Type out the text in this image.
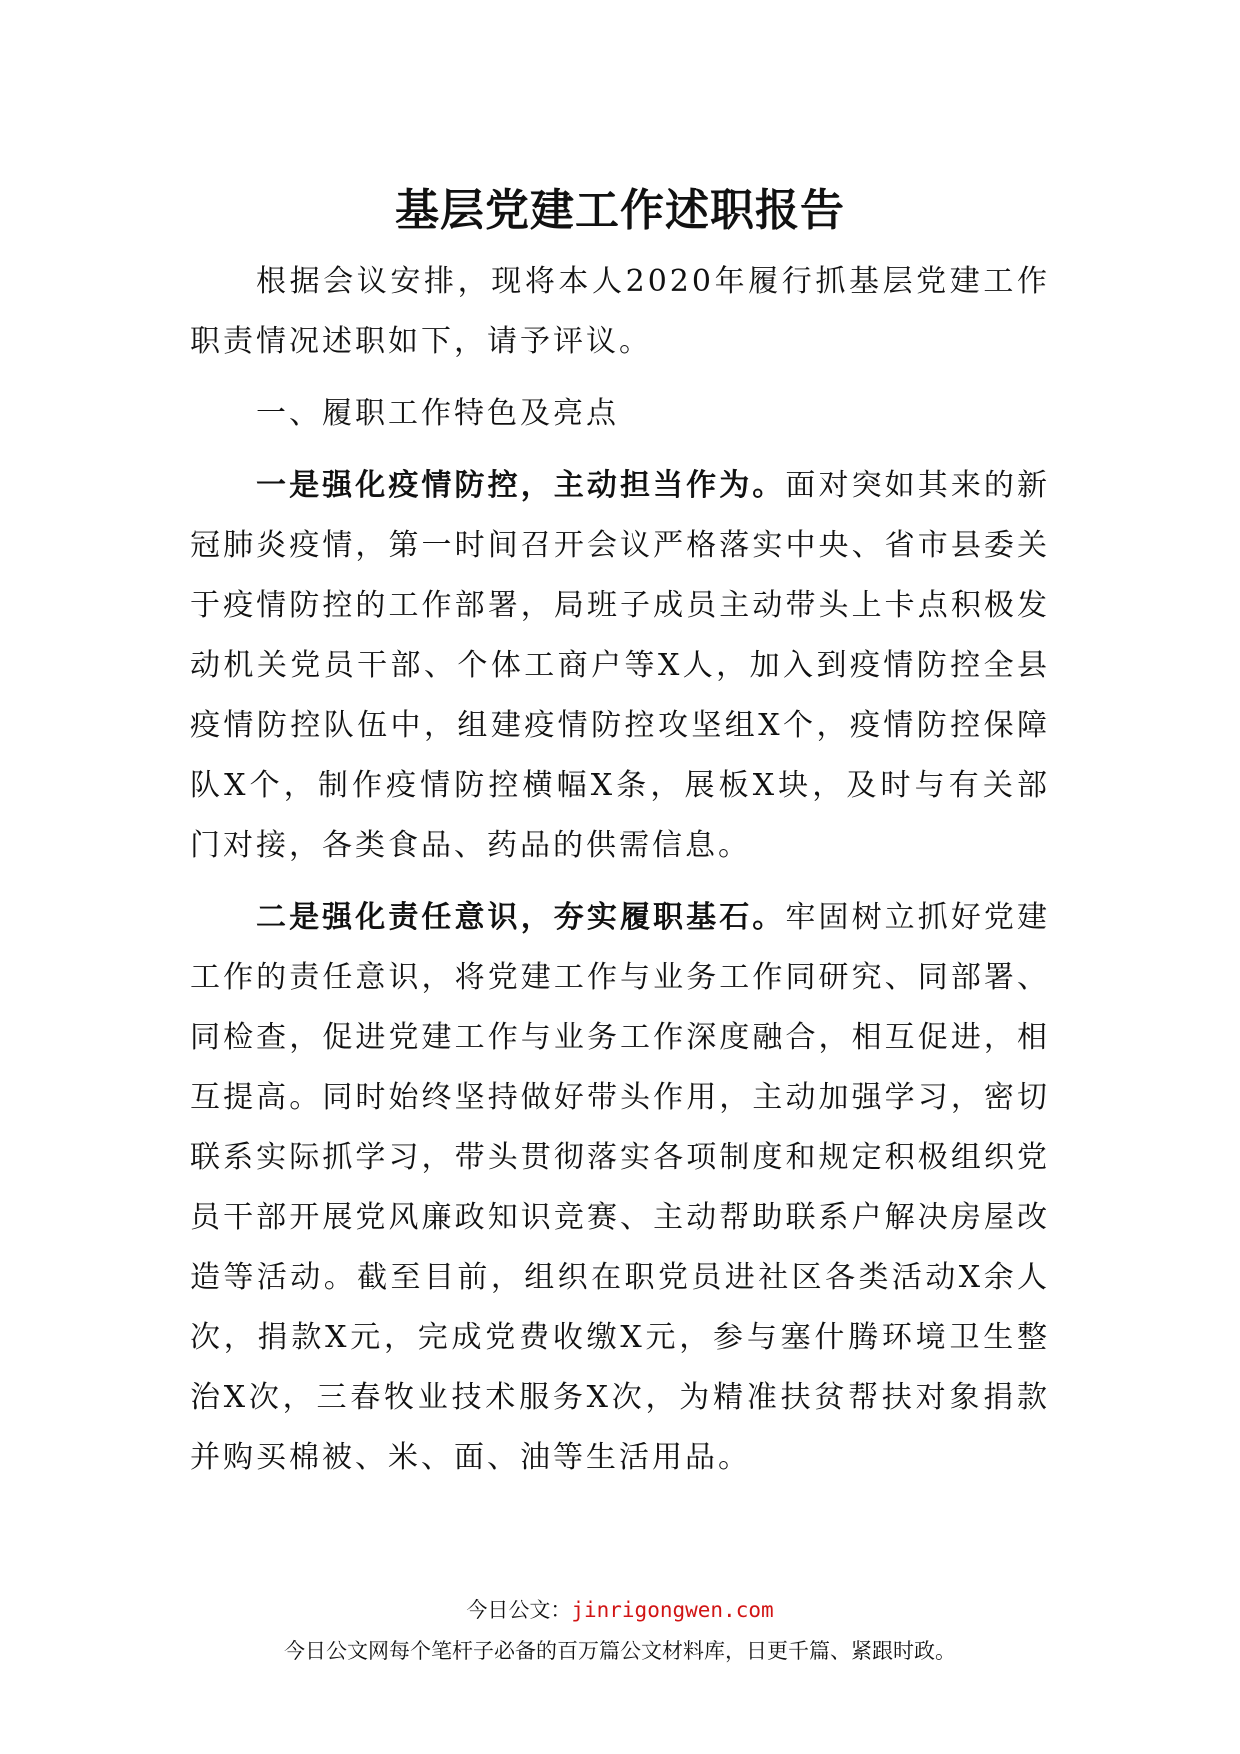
基层党建工作述职报告

根据会议安排，现将本人2020年履行抓基层党建工作职责情况述职如下，请予评议。

一、履职工作特色及亮点

一是强化疫情防控，主动担当作为。面对突如其来的新冠肺炎疫情，第一时间召开会议严格落实中央、省市县委关于疫情防控的工作部署，局班子成员主动带头上卡点积极发动机关党员干部、个体工商户等X人，加入到疫情防控全县疫情防控队伍中，组建疫情防控攻坚组X个，疫情防控保障队X个，制作疫情防控横幅X条，展板X块，及时与有关部门对接，各类食品、药品的供需信息。

二是强化责任意识，夯实履职基石。牢固树立抓好党建工作的责任意识，将党建工作与业务工作同研究、同部署、同检查，促进党建工作与业务工作深度融合，相互促进，相互提高。同时始终坚持做好带头作用，主动加强学习，密切联系实际抓学习，带头贯彻落实各项制度和规定积极组织党员干部开展党风廉政知识竞赛、主动帮助联系户解决房屋改造等活动。截至目前，组织在职党员进社区各类活动X余人次，捐款X元，完成党费收缴X元，参与塞什腾环境卫生整治X次，三春牧业技术服务X次，为精准扶贫帮扶对象捐款并购买棉被、米、面、油等生活用品。

今日公文：jinrigongwen.com
今日公文网每个笔杆子必备的百万篇公文材料库，日更千篇、紧跟时政。
